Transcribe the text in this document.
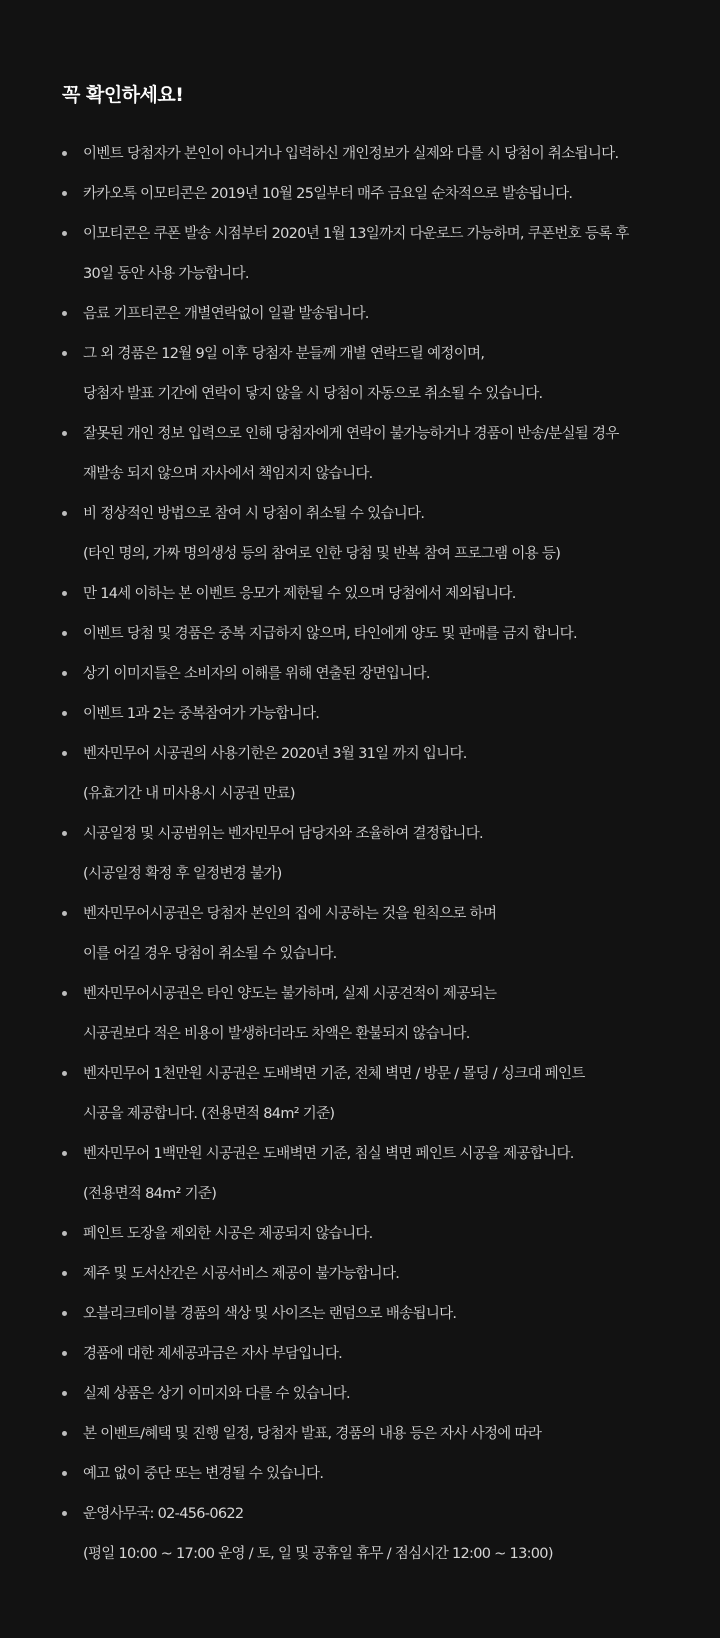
꼭 확인하세요!
이벤트 당첨자가 본인이 아니거나 입력하신 개인정보가 실제와 다를 시 당첨이 취소됩니다.
카카오톡 이모티콘은 2019년 10월 25일부터 매주 금요일 순차적으로 발송됩니다.
이모티콘은 쿠폰 발송 시점부터 2020년 1월 13일까지 다운로드 가능하며, 쿠폰번호 등록 후
30일 동안 사용 가능합니다.
음료 기프티콘은 개별연락없이 일괄 발송됩니다.
그 외 경품은 12월 9일 이후 당첨자 분들께 개별 연락드릴 예정이며,
당첨자 발표 기간에 연락이 닿지 않을 시 당첨이 자동으로 취소될 수 있습니다.
잘못된 개인 정보 입력으로 인해 당첨자에게 연락이 불가능하거나 경품이 반송/분실될 경우
재발송 되지 않으며 자사에서 책임지지 않습니다.
비 정상적인 방법으로 참여 시 당첨이 취소될 수 있습니다.
(타인 명의, 가짜 명의생성 등의 참여로 인한 당첨 및 반복 참여 프로그램 이용 등)
만 14세 이하는 본 이벤트 응모가 제한될 수 있으며 당첨에서 제외됩니다.
이벤트 당첨 및 경품은 중복 지급하지 않으며, 타인에게 양도 및 판매를 금지 합니다.
상기 이미지들은 소비자의 이해를 위해 연출된 장면입니다.
이벤트 1과 2는 중복참여가 가능합니다.
벤자민무어 시공권의 사용기한은 2020년 3월 31일 까지 입니다.
(유효기간 내 미사용시 시공권 만료)
시공일정 및 시공범위는 벤자민무어 담당자와 조율하여 결정합니다.
(시공일정 확정 후 일정변경 불가)
벤자민무어시공권은 당첨자 본인의 집에 시공하는 것을 원칙으로 하며
이를 어길 경우 당첨이 취소될 수 있습니다.
벤자민무어시공권은 타인 양도는 불가하며, 실제 시공견적이 제공되는
시공권보다 적은 비용이 발생하더라도 차액은 환불되지 않습니다.
벤자민무어 1천만원 시공권은 도배벽면 기준, 전체 벽면 / 방문 / 몰딩 / 싱크대 페인트
시공을 제공합니다. (전용면적 84m² 기준)
벤자민무어 1백만원 시공권은 도배벽면 기준, 침실 벽면 페인트 시공을 제공합니다.
(전용면적 84m² 기준)
페인트 도장을 제외한 시공은 제공되지 않습니다.
제주 및 도서산간은 시공서비스 제공이 불가능합니다.
오블리크테이블 경품의 색상 및 사이즈는 랜덤으로 배송됩니다.
경품에 대한 제세공과금은 자사 부담입니다.
실제 상품은 상기 이미지와 다를 수 있습니다.
본 이벤트/혜택 및 진행 일정, 당첨자 발표, 경품의 내용 등은 자사 사정에 따라
예고 없이 중단 또는 변경될 수 있습니다.
운영사무국: 02-456-0622
(평일 10:00 ~ 17:00 운영 / 토, 일 및 공휴일 휴무 / 점심시간 12:00 ~ 13:00)
